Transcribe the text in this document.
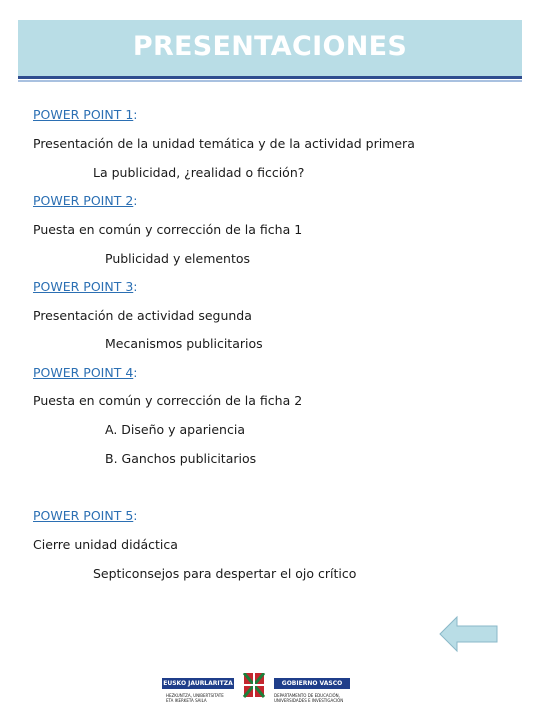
PRESENTACIONES
POWER POINT 1:
Presentación de la unidad temática y de la actividad primera
La publicidad, ¿realidad o ficción?
POWER POINT 2:
Puesta en común y corrección de la ficha 1
Publicidad y elementos
POWER POINT 3:
Presentación de actividad segunda
Mecanismos publicitarios
POWER POINT 4:
Puesta en común y corrección de la ficha 2
A. Diseño y apariencia
B. Ganchos publicitarios
POWER POINT 5:
Cierre unidad didáctica
Septiconsejos para despertar el ojo crítico
EUSKO JAURLARITZA	GOBIERNO VASCO
HEZKUNTZA, UNIBERTSITATE
ETA IKERKETA SAILA
DEPARTAMENTO DE EDUCACIÓN,
UNIVERSIDADES E INVESTIGACIÓN
